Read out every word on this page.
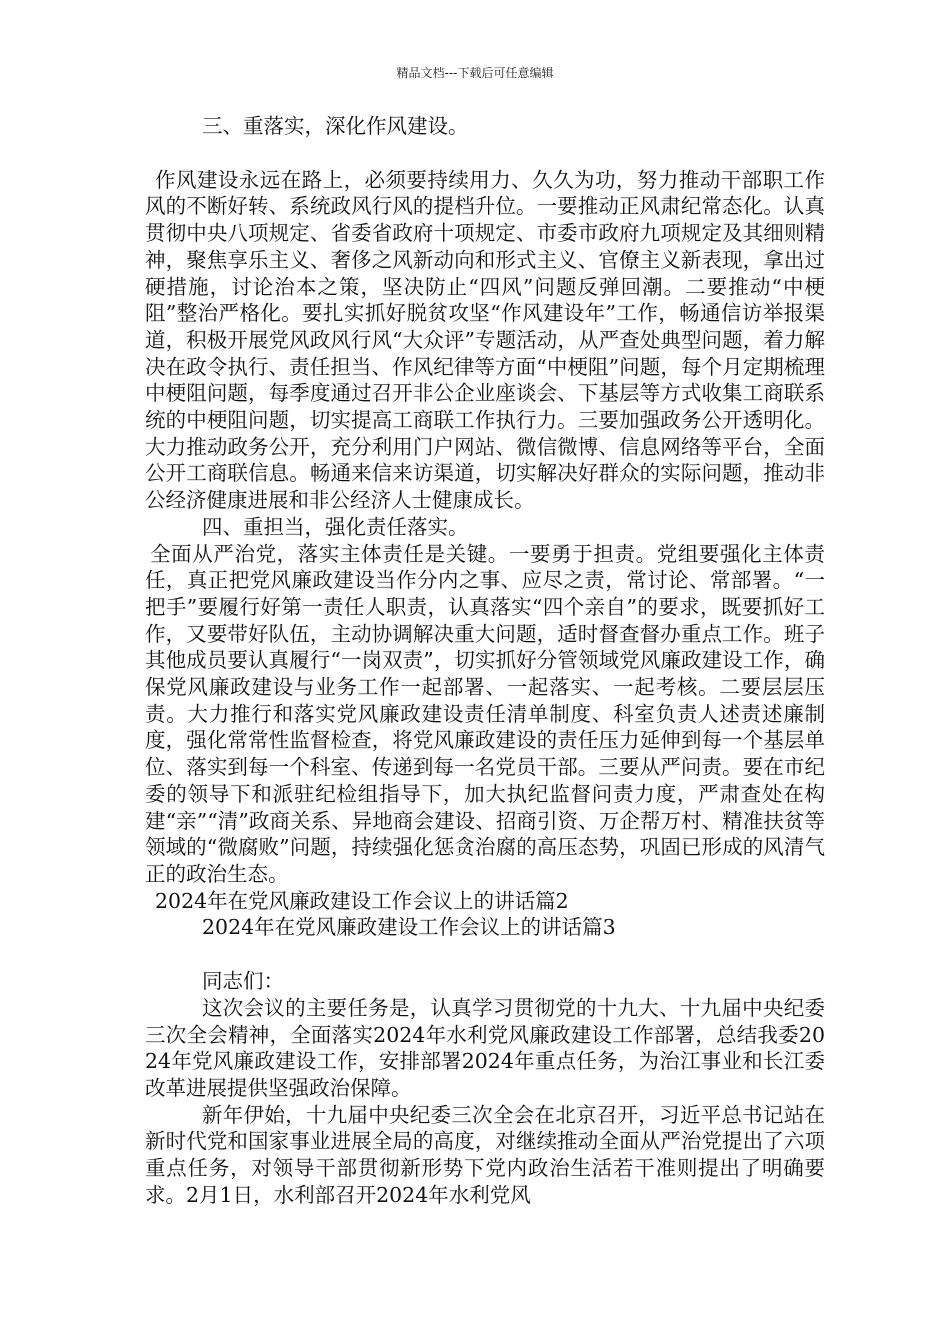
精品文档---下载后可任意编辑

三、重落实，深化作风建设。

作风建设永远在路上，必须要持续用力、久久为功，努力推动干部职工作风的不断好转、系统政风行风的提档升位。一要推动正风肃纪常态化。认真贯彻中央八项规定、省委省政府十项规定、市委市政府九项规定及其细则精神，聚焦享乐主义、奢侈之风新动向和形式主义、官僚主义新表现，拿出过硬措施，讨论治本之策，坚决防止“四风”问题反弹回潮。二要推动“中梗阻”整治严格化。要扎实抓好脱贫攻坚“作风建设年”工作，畅通信访举报渠道，积极开展党风政风行风“大众评”专题活动，从严查处典型问题，着力解决在政令执行、责任担当、作风纪律等方面“中梗阻”问题，每个月定期梳理中梗阻问题，每季度通过召开非公企业座谈会、下基层等方式收集工商联系统的中梗阻问题，切实提高工商联工作执行力。三要加强政务公开透明化。大力推动政务公开，充分利用门户网站、微信微博、信息网络等平台，全面公开工商联信息。畅通来信来访渠道，切实解决好群众的实际问题，推动非公经济健康进展和非公经济人士健康成长。

四、重担当，强化责任落实。

全面从严治党，落实主体责任是关键。一要勇于担责。党组要强化主体责任，真正把党风廉政建设当作分内之事、应尽之责，常讨论、常部署。“一把手”要履行好第一责任人职责，认真落实“四个亲自”的要求，既要抓好工作，又要带好队伍，主动协调解决重大问题，适时督查督办重点工作。班子其他成员要认真履行“一岗双责”，切实抓好分管领域党风廉政建设工作，确保党风廉政建设与业务工作一起部署、一起落实、一起考核。二要层层压责。大力推行和落实党风廉政建设责任清单制度、科室负责人述责述廉制度，强化常常性监督检查，将党风廉政建设的责任压力延伸到每一个基层单位、落实到每一个科室、传递到每一名党员干部。三要从严问责。要在市纪委的领导下和派驻纪检组指导下，加大执纪监督问责力度，严肃查处在构建“亲”“清”政商关系、异地商会建设、招商引资、万企帮万村、精准扶贫等领域的“微腐败”问题，持续强化惩贪治腐的高压态势，巩固已形成的风清气正的政治生态。

2024年在党风廉政建设工作会议上的讲话篇2

2024年在党风廉政建设工作会议上的讲话篇3

同志们：

这次会议的主要任务是，认真学习贯彻党的十九大、十九届中央纪委三次全会精神，全面落实2024年水利党风廉政建设工作部署，总结我委2024年党风廉政建设工作，安排部署2024年重点任务，为治江事业和长江委改革进展提供坚强政治保障。

新年伊始，十九届中央纪委三次全会在北京召开，习近平总书记站在新时代党和国家事业进展全局的高度，对继续推动全面从严治党提出了六项重点任务，对领导干部贯彻新形势下党内政治生活若干准则提出了明确要求。2月1日，水利部召开2024年水利党风
